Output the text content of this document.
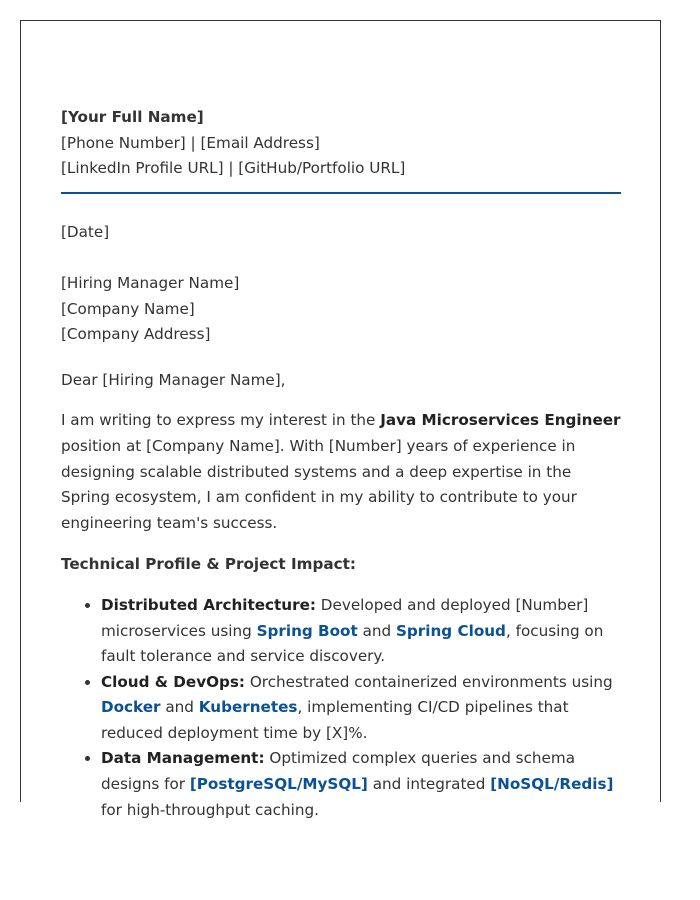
[Your Full Name]
[Phone Number] | [Email Address]
[LinkedIn Profile URL] | [GitHub/Portfolio URL]
[Date]
[Hiring Manager Name]
[Company Name]
[Company Address]
Dear [Hiring Manager Name],
I am writing to express my interest in the Java Microservices Engineer position at [Company Name]. With [Number] years of experience in designing scalable distributed systems and a deep expertise in the Spring ecosystem, I am confident in my ability to contribute to your engineering team's success.
Technical Profile & Project Impact:
• Distributed Architecture: Developed and deployed [Number] microservices using Spring Boot and Spring Cloud, focusing on fault tolerance and service discovery.
• Cloud & DevOps: Orchestrated containerized environments using Docker and Kubernetes, implementing CI/CD pipelines that reduced deployment time by [X]%.
• Data Management: Optimized complex queries and schema designs for [PostgreSQL/MySQL] and integrated [NoSQL/Redis] for high-throughput caching.
